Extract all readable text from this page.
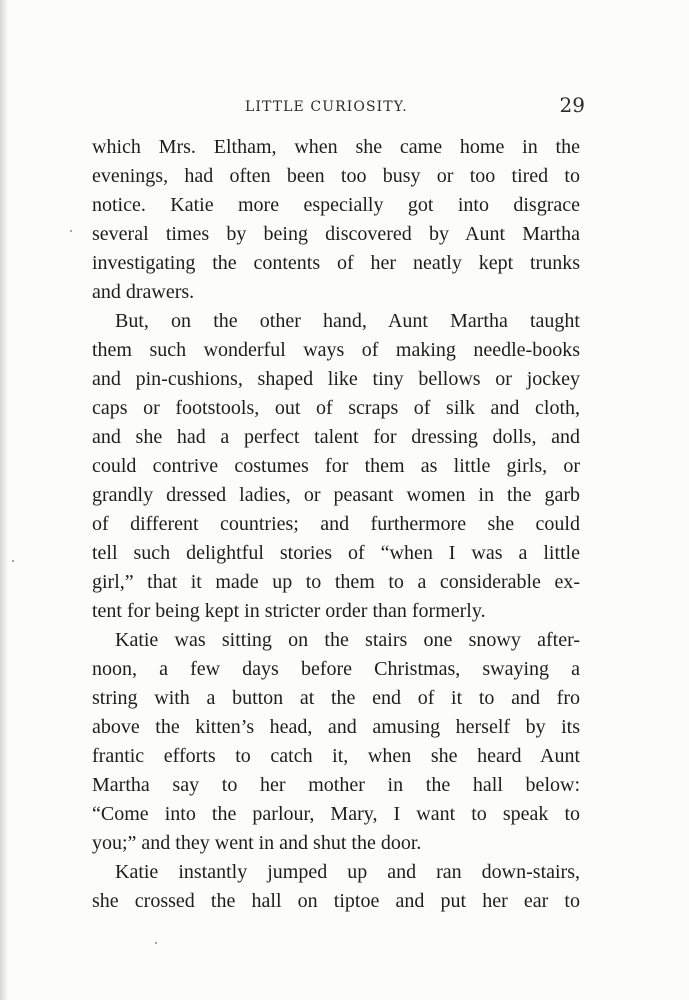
LITTLE CURIOSITY.	29
which Mrs. Eltham, when she came home in the
evenings, had often been too busy or too tired to
notice. Katie more especially got into disgrace
several times by being discovered by Aunt Martha
investigating the contents of her neatly kept trunks
and drawers.
But, on the other hand, Aunt Martha taught
them such wonderful ways of making needle-books
and pin-cushions, shaped like tiny bellows or jockey
caps or footstools, out of scraps of silk and cloth,
and she had a perfect talent for dressing dolls, and
could contrive costumes for them as little girls, or
grandly dressed ladies, or peasant women in the garb
of different countries; and furthermore she could
tell such delightful stories of “when I was a little
girl,” that it made up to them to a considerable ex-
tent for being kept in stricter order than formerly.
Katie was sitting on the stairs one snowy after-
noon, a few days before Christmas, swaying a
string with a button at the end of it to and fro
above the kitten’s head, and amusing herself by its
frantic efforts to catch it, when she heard Aunt
Martha say to her mother in the hall below:
“Come into the parlour, Mary, I want to speak to
you;” and they went in and shut the door.
Katie instantly jumped up and ran down-stairs,
she crossed the hall on tiptoe and put her ear to
